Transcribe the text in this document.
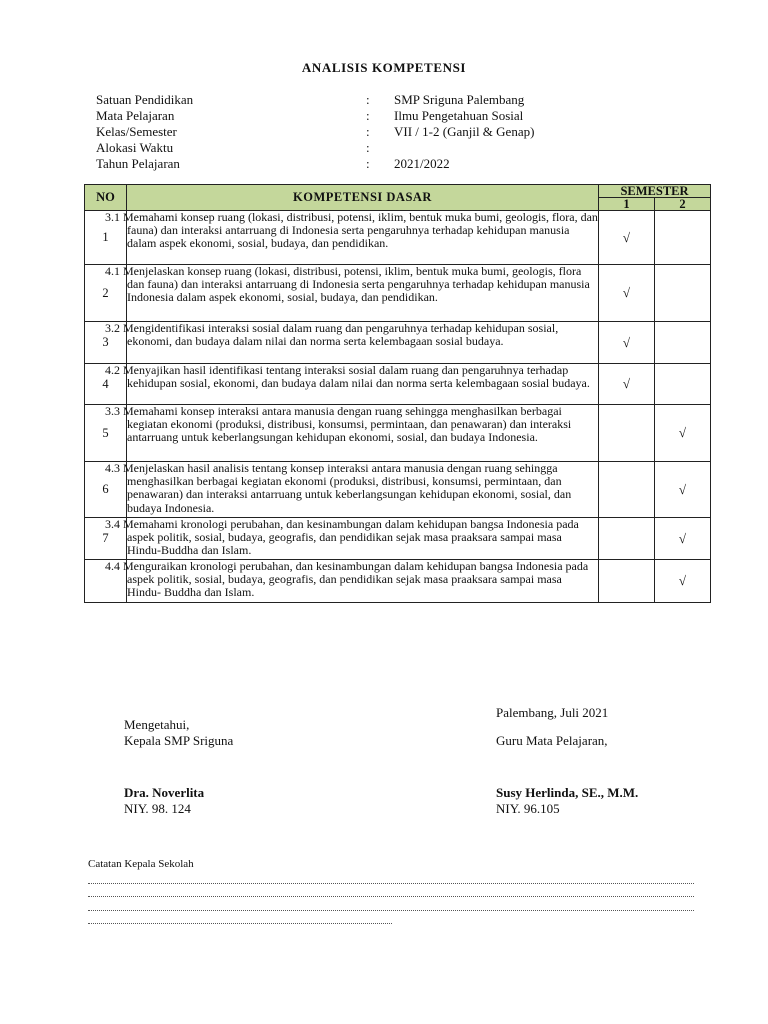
ANALISIS KOMPETENSI
Satuan Pendidikan	: SMP Sriguna Palembang
Mata Pelajaran	: Ilmu Pengetahuan Sosial
Kelas/Semester	: VII / 1-2 (Ganjil & Genap)
Alokasi Waktu	:
Tahun Pelajaran	: 2021/2022
NO	KOMPETENSI DASAR	SEMESTER	
		1	2
1	3.1 Memahami konsep ruang (lokasi, distribusi, potensi, iklim, bentuk muka bumi, geologis, flora, dan fauna) dan interaksi antarruang di Indonesia serta pengaruhnya terhadap kehidupan manusia dalam aspek ekonomi, sosial, budaya, dan pendidikan.	√	
2	4.1 Menjelaskan konsep ruang (lokasi, distribusi, potensi, iklim, bentuk muka bumi, geologis, flora dan fauna) dan interaksi antarruang di Indonesia serta pengaruhnya terhadap kehidupan manusia Indonesia dalam aspek ekonomi, sosial, budaya, dan pendidikan.	√	
3	3.2 Mengidentifikasi interaksi sosial dalam ruang dan pengaruhnya terhadap kehidupan sosial, ekonomi, dan budaya dalam nilai dan norma serta kelembagaan sosial budaya.	√	
4	4.2 Menyajikan hasil identifikasi tentang interaksi sosial dalam ruang dan pengaruhnya terhadap kehidupan sosial, ekonomi, dan budaya dalam nilai dan norma serta kelembagaan sosial budaya.	√	
5	3.3 Memahami konsep interaksi antara manusia dengan ruang sehingga menghasilkan berbagai kegiatan ekonomi (produksi, distribusi, konsumsi, permintaan, dan penawaran) dan interaksi antarruang untuk keberlangsungan kehidupan ekonomi, sosial, dan budaya Indonesia.		√
6	4.3 Menjelaskan hasil analisis tentang konsep interaksi antara manusia dengan ruang sehingga menghasilkan berbagai kegiatan ekonomi (produksi, distribusi, konsumsi, permintaan, dan penawaran) dan interaksi antarruang untuk keberlangsungan kehidupan ekonomi, sosial, dan budaya Indonesia.		√
7	3.4 Memahami kronologi perubahan, dan kesinambungan dalam kehidupan bangsa Indonesia pada aspek politik, sosial, budaya, geografis, dan pendidikan sejak masa praaksara sampai masa Hindu-Buddha dan Islam.		√
	4.4 Menguraikan kronologi perubahan, dan kesinambungan dalam kehidupan bangsa Indonesia pada aspek politik, sosial, budaya, geografis, dan pendidikan sejak masa praaksara sampai masa Hindu- Buddha dan Islam.		√
Palembang, Juli 2021
Mengetahui,
Kepala SMP Sriguna
Dra. Noverlita
NIY. 98. 124
Guru Mata Pelajaran,
Susy Herlinda, SE., M.M.
NIY. 96.105
Catatan Kepala Sekolah
